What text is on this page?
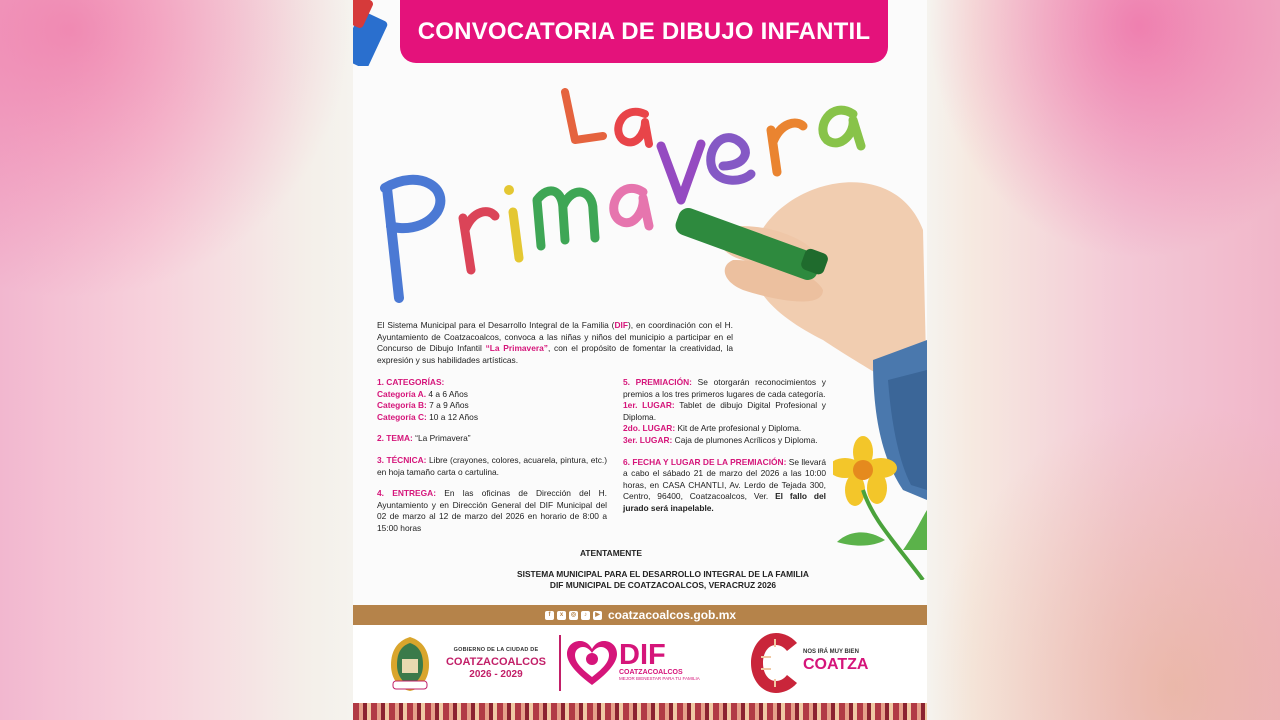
CONVOCATORIA DE DIBUJO INFANTIL
La
El Sistema Municipal para el Desarrollo Integral de la Familia (DIF), en coordinación con el H. Ayuntamiento de Coatzacoalcos, convoca a las niñas y niños del municipio a participar en el Concurso de Dibujo Infantil “La Primavera”, con el propósito de fomentar la creatividad, la expresión y sus habilidades artísticas.

1. CATEGORÍAS:

Categoría A. 4 a 6 Años

Categoría B: 7 a 9 Años

Categoría C: 10 a 12 Años

2. TEMA: “La Primavera”

3. TÉCNICA: Libre (crayones, colores, acuarela, pintura, etc.) en hoja tamaño carta o cartulina.

4. ENTREGA: En las oficinas de Dirección del H. Ayuntamiento y en Dirección General del DIF Municipal del 02 de marzo al 12 de marzo del 2026 en horario de 8:00 a 15:00 horas

5. PREMIACIÓN: Se otorgarán reconocimientos y premios a los tres primeros lugares de cada categoría.

1er. LUGAR: Tablet de dibujo Digital Profesional y Diploma.

2do. LUGAR: Kit de Arte profesional y Diploma.

3er. LUGAR: Caja de plumones Acrílicos y Diploma.

6. FECHA Y LUGAR DE LA PREMIACIÓN: Se llevará a cabo el sábado 21 de marzo del 2026 a las 10:00 horas, en CASA CHANTLI, Av. Lerdo de Tejada 300, Centro, 96400, Coatzacoalcos, Ver. El fallo del jurado será inapelable.

ATENTAMENTE
SISTEMA MUNICIPAL PARA EL DESARROLLO INTEGRAL DE LA FAMILIA
DIF MUNICIPAL DE COATZACOALCOS, VERACRUZ 2026
f	x	◎	♪	▶ coatzacoalcos.gob.mx
GOBIERNO DE LA CIUDAD DE
COATZACOALCOS
2026 - 2029
DIF
COATZACOALCOS
MEJOR BIENESTAR PARA TU FAMILIA
NOS IRÁ MUY BIEN
COATZA
